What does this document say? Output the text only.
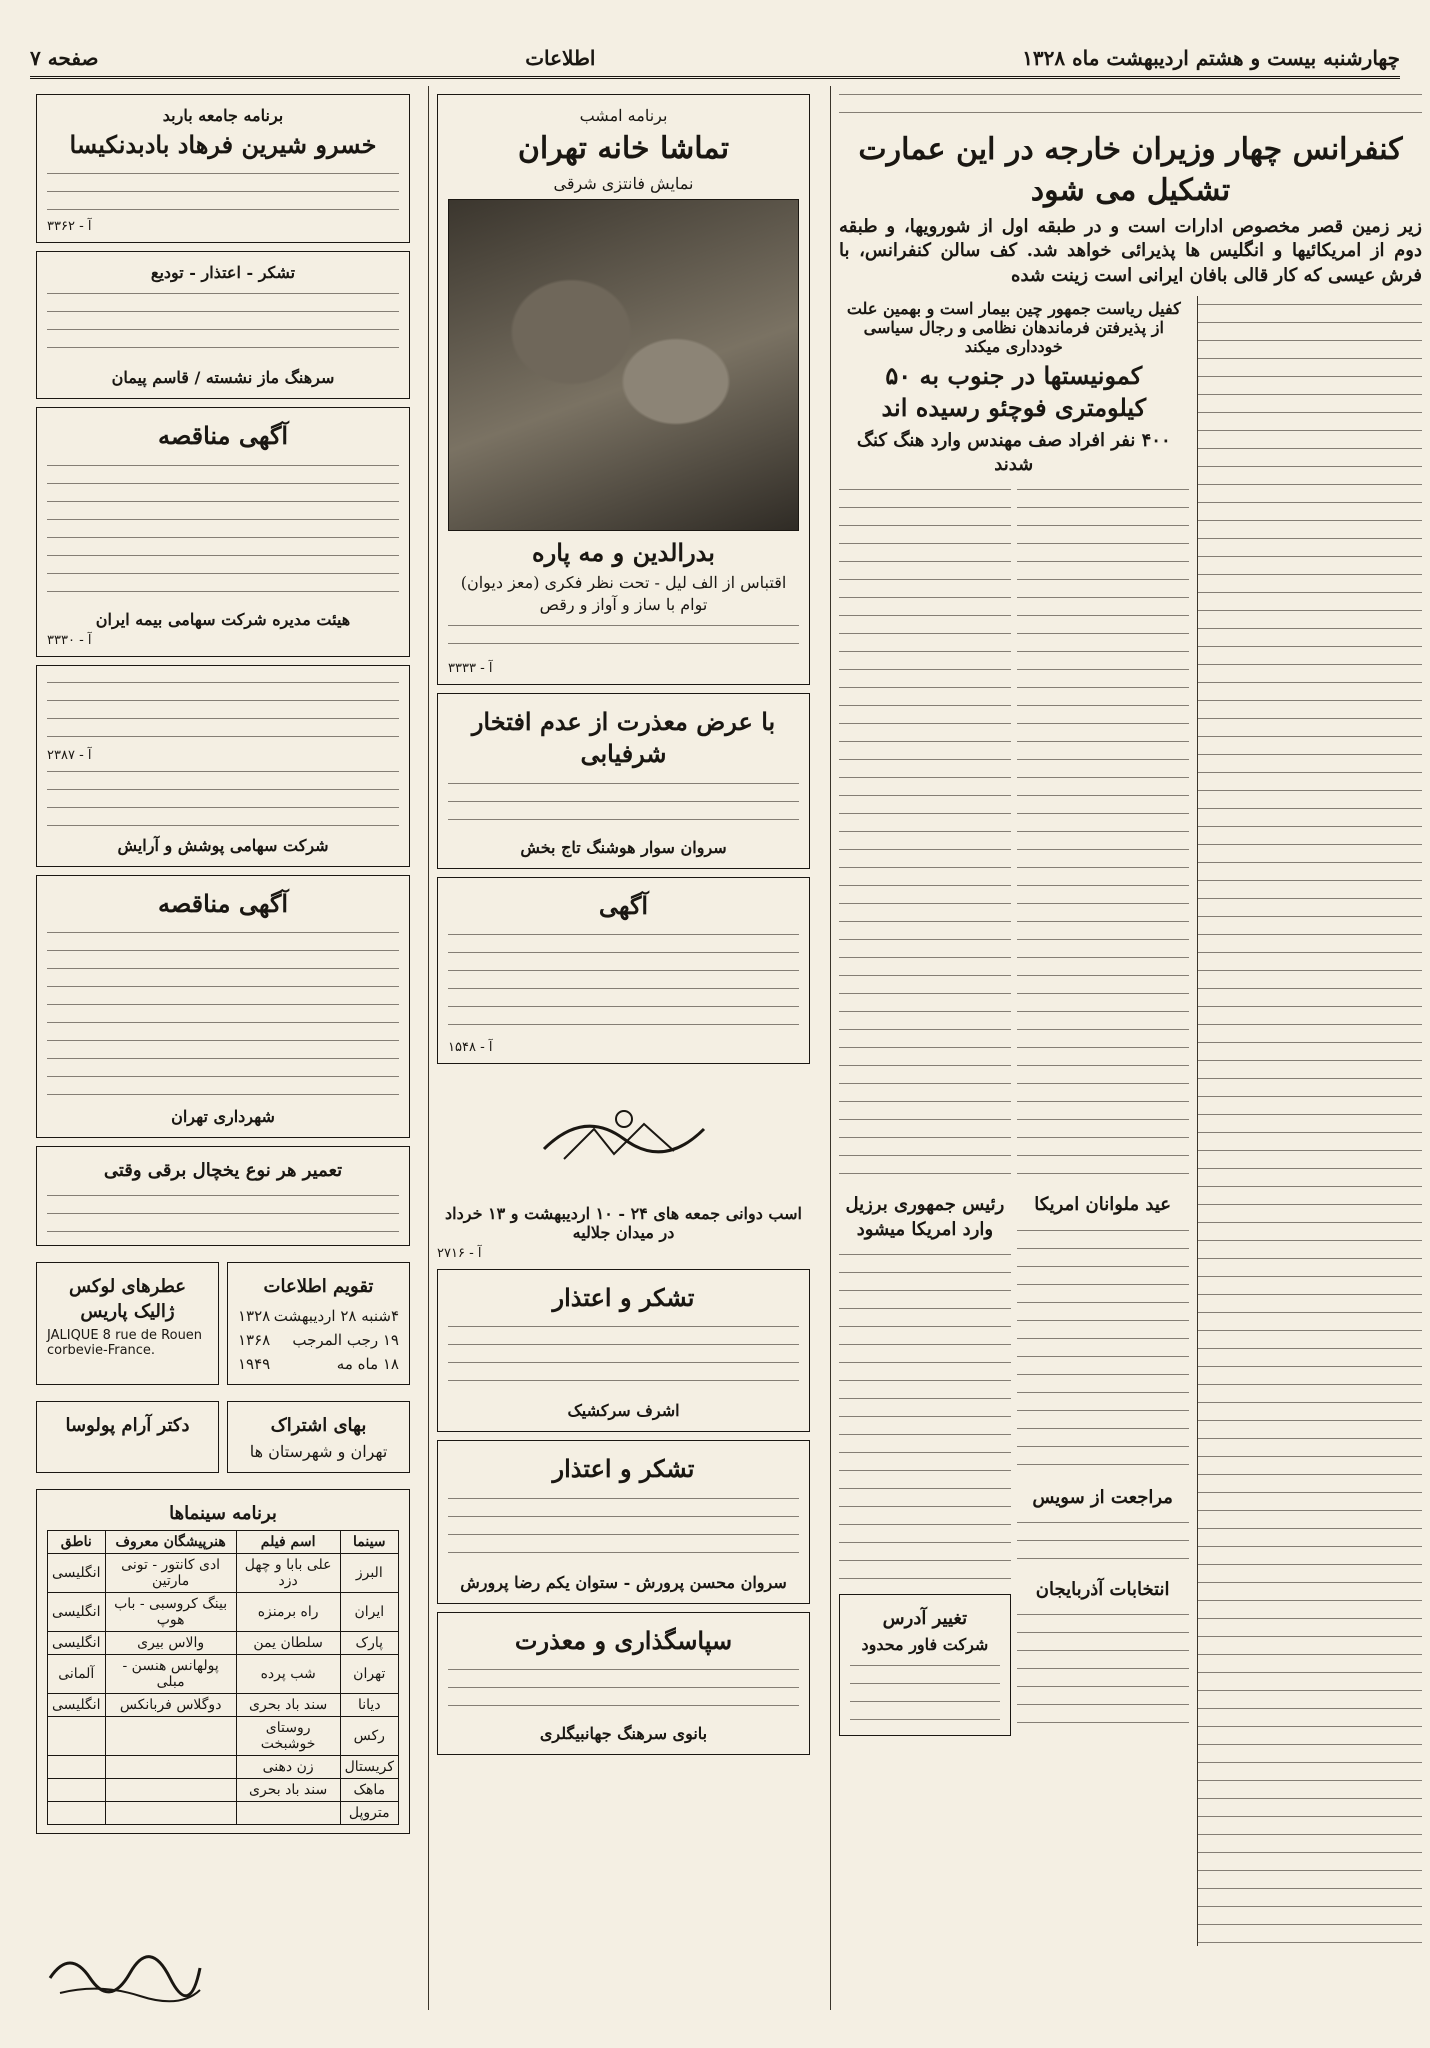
چهارشنبه بیست و هشتم اردیبهشت ماه ۱۳۲۸
اطلاعات
صفحه ۷
کنفرانس چهار وزیران خارجه در این عمارت تشکیل می شود
زیر زمین قصر مخصوص ادارات است و در طبقه اول از شورویها، و طبقه دوم از امریکائیها و انگلیس ها پذیرائی خواهد شد. کف سالن کنفرانس، با فرش عیسی که کار قالی بافان ایرانی است زینت شده
کفیل ریاست جمهور چین بیمار است و بهمین علت از پذیرفتن فرماندهان نظامی و رجال سیاسی خودداری میکند
کمونیستها در جنوب به ۵۰ کیلومتری فوچئو رسیده اند
۴۰۰ نفر افراد صف مهندس وارد هنگ کنگ شدند
عید ملوانان امریکا
مراجعت از سویس
انتخابات آذربایجان
رئیس جمهوری برزیل وارد امریکا میشود
تغییر آدرس
شرکت فاور محدود
برنامه امشب
تماشا خانه تهران
نمایش فانتزی شرقی
بدرالدین و مه پاره
اقتباس از الف لیل - تحت نظر فکری (معز دیوان)
توام با ساز و آواز و رقص
آ - ۳۳۳۳
با عرض معذرت از عدم افتخار شرفیابی
سروان سوار هوشنگ تاج بخش
آگهی
آ - ۱۵۴۸
اسب دوانی جمعه های ۲۴ - ۱۰ اردیبهشت و ۱۳ خرداد در میدان جلالیه
آ - ۲۷۱۶
تشکر و اعتذار
اشرف سرکشیک
تشکر و اعتذار
سروان محسن پرورش - ستوان یکم رضا پرورش
سپاسگذاری و معذرت
بانوی سرهنگ جهانبیگلری
برنامه جامعه باربد
خسرو شیرین فرهاد بادبدنکیسا
آ - ۳۳۶۲
تشکر - اعتذار - تودیع
سرهنگ ماز نشسته / قاسم پیمان
آگهی مناقصه
هیئت مدیره شرکت سهامی بیمه ایران
آ - ۳۳۳۰
آ - ۲۳۸۷
شرکت سهامی پوشش و آرایش
آگهی مناقصه
شهرداری تهران
تعمیر هر نوع یخچال برقی وقتی
تقویم اطلاعات
۴شنبه ۲۸ اردیبهشت
۱۳۲۸
۱۹ رجب المرجب
۱۳۶۸
۱۸ ماه مه
۱۹۴۹
عطرهای لوکس ژالیک پاریس
JALIQUE 8 rue de Rouen corbevie-France.
بهای اشتراک
تهران و شهرستان ها
دکتر آرام پولوسا
برنامه سینماها
سینما	اسم فیلم	هنرپیشگان معروف	ناطق
البرز	علی بابا و چهل دزد	ادی کانتور - تونی مارتین	انگلیسی
ایران	راه برمنزه	بینگ کروسبی - باب هوپ	انگلیسی
پارک	سلطان یمن	والاس بیری	انگلیسی
تهران	شب پرده	پولهانس هنسن - مبلی	آلمانی
دیانا	سند باد بحری	دوگلاس فربانکس	انگلیسی
رکس	روستای خوشبخت		
کریستال	زن دهنی		
ماهک	سند باد بحری		
متروپل			
